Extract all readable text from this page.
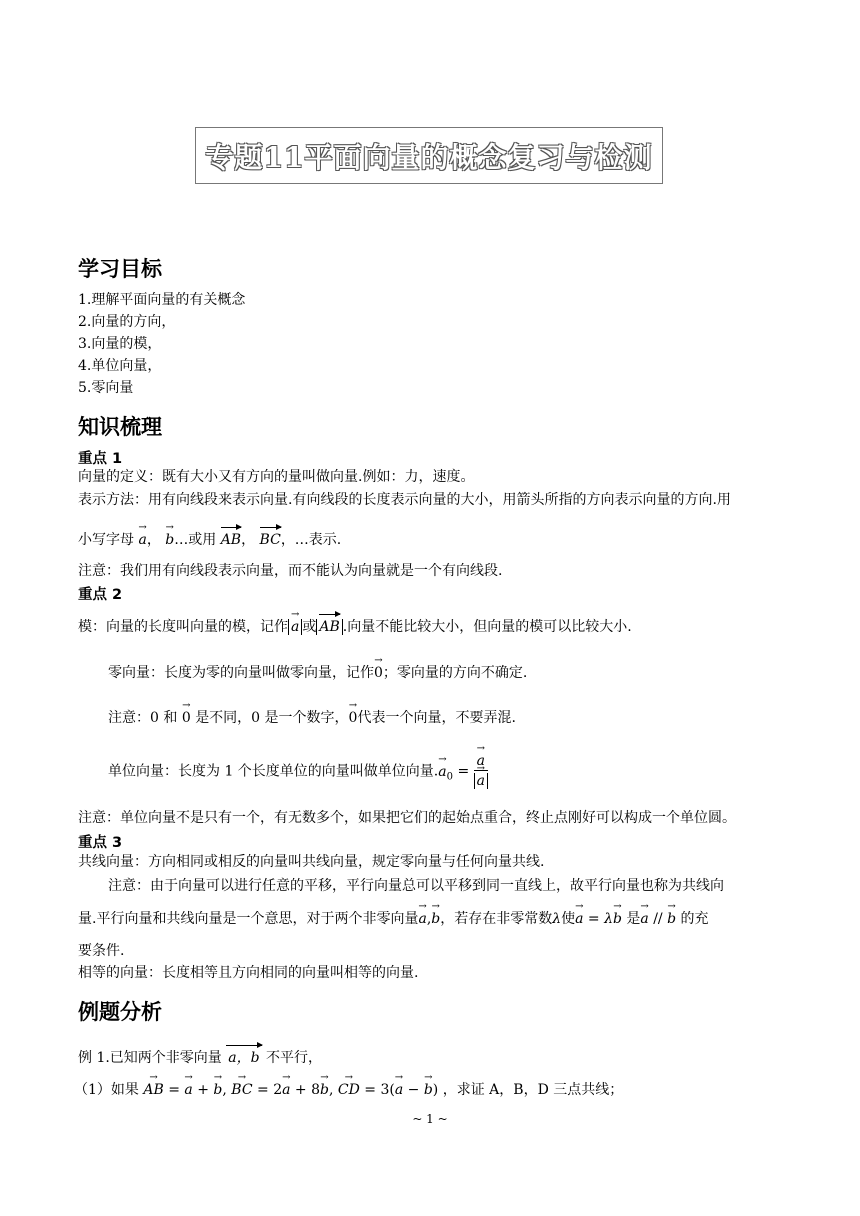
专题11平面向量的概念复习与检测
学习目标
1.理解平面向量的有关概念
2.向量的方向，
3.向量的模，
4.单位向量，
5.零向量
知识梳理
重点 1
向量的定义：既有大小又有方向的量叫做向量.例如：力，速度。
表示方法：用有向线段来表示向量.有向线段的长度表示向量的大小，用箭头所指的方向表示向量的方向.用
小写字母 → a， → b…或用 AB， BC，…表示.
注意：我们用有向线段表示向量，而不能认为向量就是一个有向线段.
重点 2
模：向量的长度叫向量的模，记作 → a 或 AB .向量不能比较大小，但向量的模可以比较大小.
零向量：长度为零的向量叫做零向量，记作→ 0；零向量的方向不确定.
注意：0 和 → 0 是不同，0 是一个数字，→ 0代表一个向量，不要弄混.
单位向量：长度为 1 个长度单位的向量叫做单位向量.→ $a_0$ = → a
→ a
注意：单位向量不是只有一个，有无数多个，如果把它们的起始点重合，终止点刚好可以构成一个单位圆。
重点 3
共线向量：方向相同或相反的向量叫共线向量，规定零向量与任何向量共线.
注意：由于向量可以进行任意的平移，平行向量总可以平移到同一直线上，故平行向量也称为共线向
量.平行向量和共线向量是一个意思，对于两个非零向量→ a,→ b，若存在非零常数λ使→ a = λ→ b 是→ a // → b 的充
要条件.
相等的向量：长度相等且方向相同的向量叫相等的向量.
例题分析
例 1.已知两个非零向量 a，b 不平行，
（1）如果 → AB = → a + → b, → BC = 2→ a + 8→ b, → CD = 3(→ a − → b) ，求证 A，B，D 三点共线；
~ 1 ~
